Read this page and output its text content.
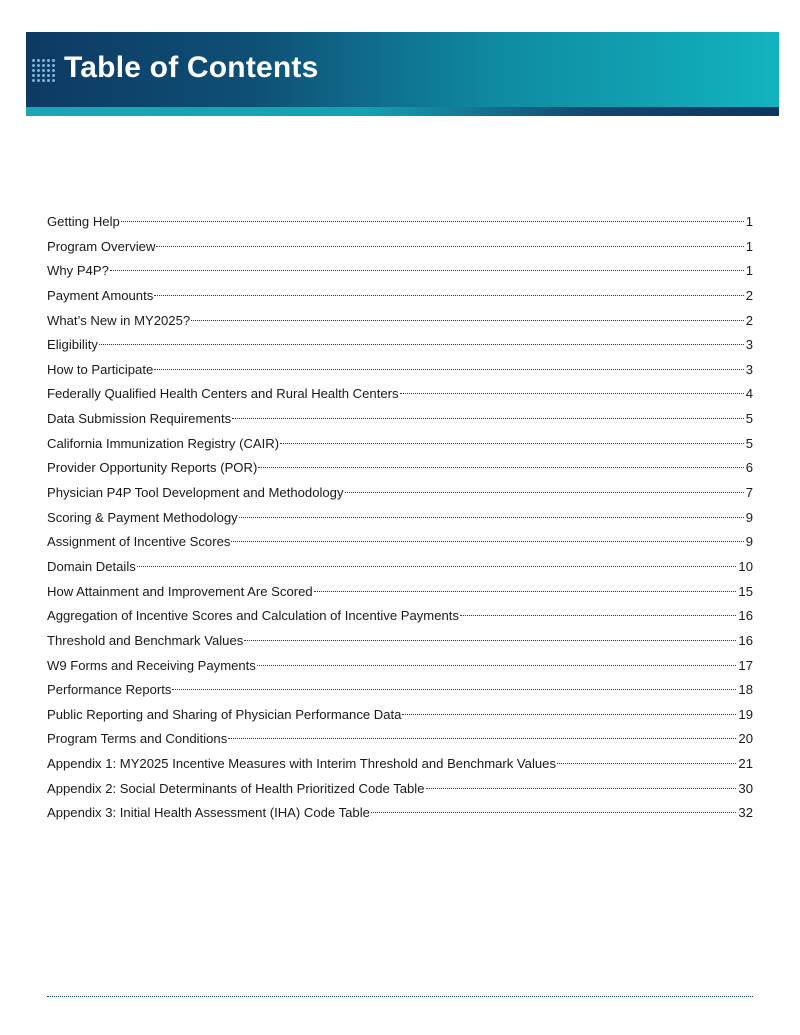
Table of Contents
Getting Help	1
Program Overview	1
Why P4P?	1
Payment Amounts	2
What’s New in MY2025?	2
Eligibility	3
How to Participate	3
Federally Qualified Health Centers and Rural Health Centers	4
Data Submission Requirements	5
California Immunization Registry (CAIR)	5
Provider Opportunity Reports (POR)	6
Physician P4P Tool Development and Methodology	7
Scoring & Payment Methodology	9
Assignment of Incentive Scores	9
Domain Details	10
How Attainment and Improvement Are Scored	15
Aggregation of Incentive Scores and Calculation of Incentive Payments	16
Threshold and Benchmark Values	16
W9 Forms and Receiving Payments	17
Performance Reports	18
Public Reporting and Sharing of Physician Performance Data	19
Program Terms and Conditions	20
Appendix 1: MY2025 Incentive Measures with Interim Threshold and Benchmark Values	21
Appendix 2: Social Determinants of Health Prioritized Code Table	30
Appendix 3: Initial Health Assessment (IHA) Code Table	32
